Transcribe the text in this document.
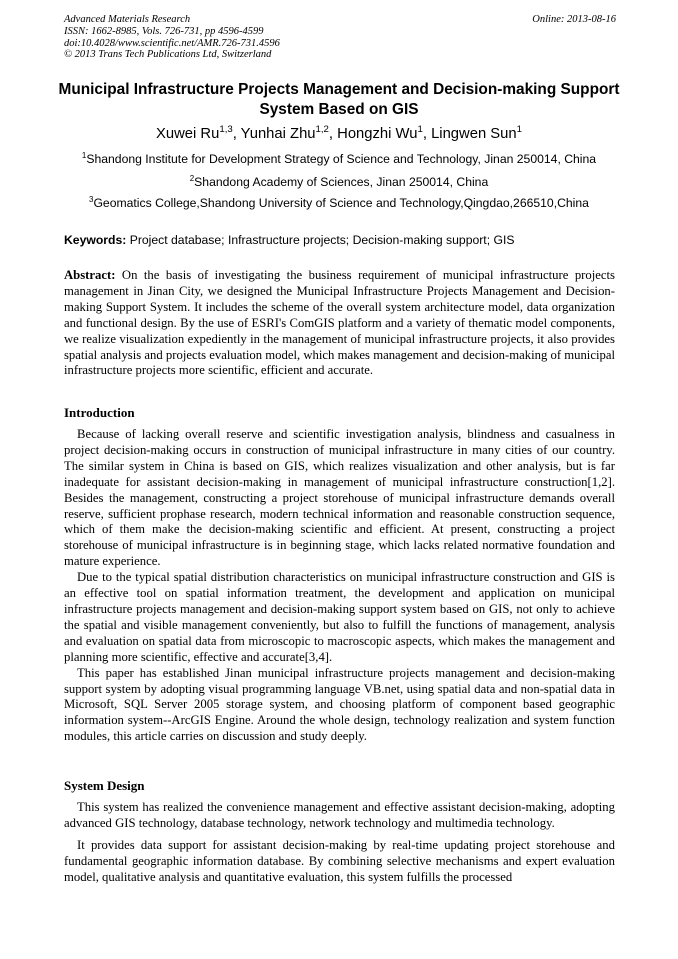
Advanced Materials Research
ISSN: 1662-8985, Vols. 726-731, pp 4596-4599
doi:10.4028/www.scientific.net/AMR.726-731.4596
© 2013 Trans Tech Publications Ltd, Switzerland
Online: 2013-08-16
Municipal Infrastructure Projects Management and Decision-making Support System Based on GIS
Xuwei Ru$^{1,3}$, Yunhai Zhu$^{1,2}$, Hongzhi Wu$^1$, Lingwen Sun$^1$
$^1$Shandong Institute for Development Strategy of Science and Technology, Jinan 250014, China
$^2$Shandong Academy of Sciences, Jinan 250014, China
$^3$Geomatics College,Shandong University of Science and Technology,Qingdao,266510,China
Keywords: Project database; Infrastructure projects; Decision-making support; GIS

Abstract: On the basis of investigating the business requirement of municipal infrastructure projects management in Jinan City, we designed the Municipal Infrastructure Projects Management and Decision-making Support System. It includes the scheme of the overall system architecture model, data organization and functional design. By the use of ESRI's ComGIS platform and a variety of thematic model components, we realize visualization expediently in the management of municipal infrastructure projects, it also provides spatial analysis and projects evaluation model, which makes management and decision-making of municipal infrastructure projects more scientific, efficient and accurate.

Introduction

Because of lacking overall reserve and scientific investigation analysis, blindness and casualness in project decision-making occurs in construction of municipal infrastructure in many cities of our country. The similar system in China is based on GIS, which realizes visualization and other analysis, but is far inadequate for assistant decision-making in management of municipal infrastructure construction[1,2]. Besides the management, constructing a project storehouse of municipal infrastructure demands overall reserve, sufficient prophase research, modern technical information and reasonable construction sequence, which of them make the decision-making scientific and efficient. At present, constructing a project storehouse of municipal infrastructure is in beginning stage, which lacks related normative foundation and mature experience.

Due to the typical spatial distribution characteristics on municipal infrastructure construction and GIS is an effective tool on spatial information treatment, the development and application on municipal infrastructure projects management and decision-making support system based on GIS, not only to achieve the spatial and visible management conveniently, but also to fulfill the functions of management, analysis and evaluation on spatial data from microscopic to macroscopic aspects, which makes the management and planning more scientific, effective and accurate[3,4].

This paper has established Jinan municipal infrastructure projects management and decision-making support system by adopting visual programming language VB.net, using spatial data and non-spatial data in Microsoft, SQL Server 2005 storage system, and choosing platform of component based geographic information system--ArcGIS Engine. Around the whole design, technology realization and system function modules, this article carries on discussion and study deeply.

System Design

This system has realized the convenience management and effective assistant decision-making, adopting advanced GIS technology, database technology, network technology and multimedia technology.

It provides data support for assistant decision-making by real-time updating project storehouse and fundamental geographic information database. By combining selective mechanisms and expert evaluation model, qualitative analysis and quantitative evaluation, this system fulfills the processed
